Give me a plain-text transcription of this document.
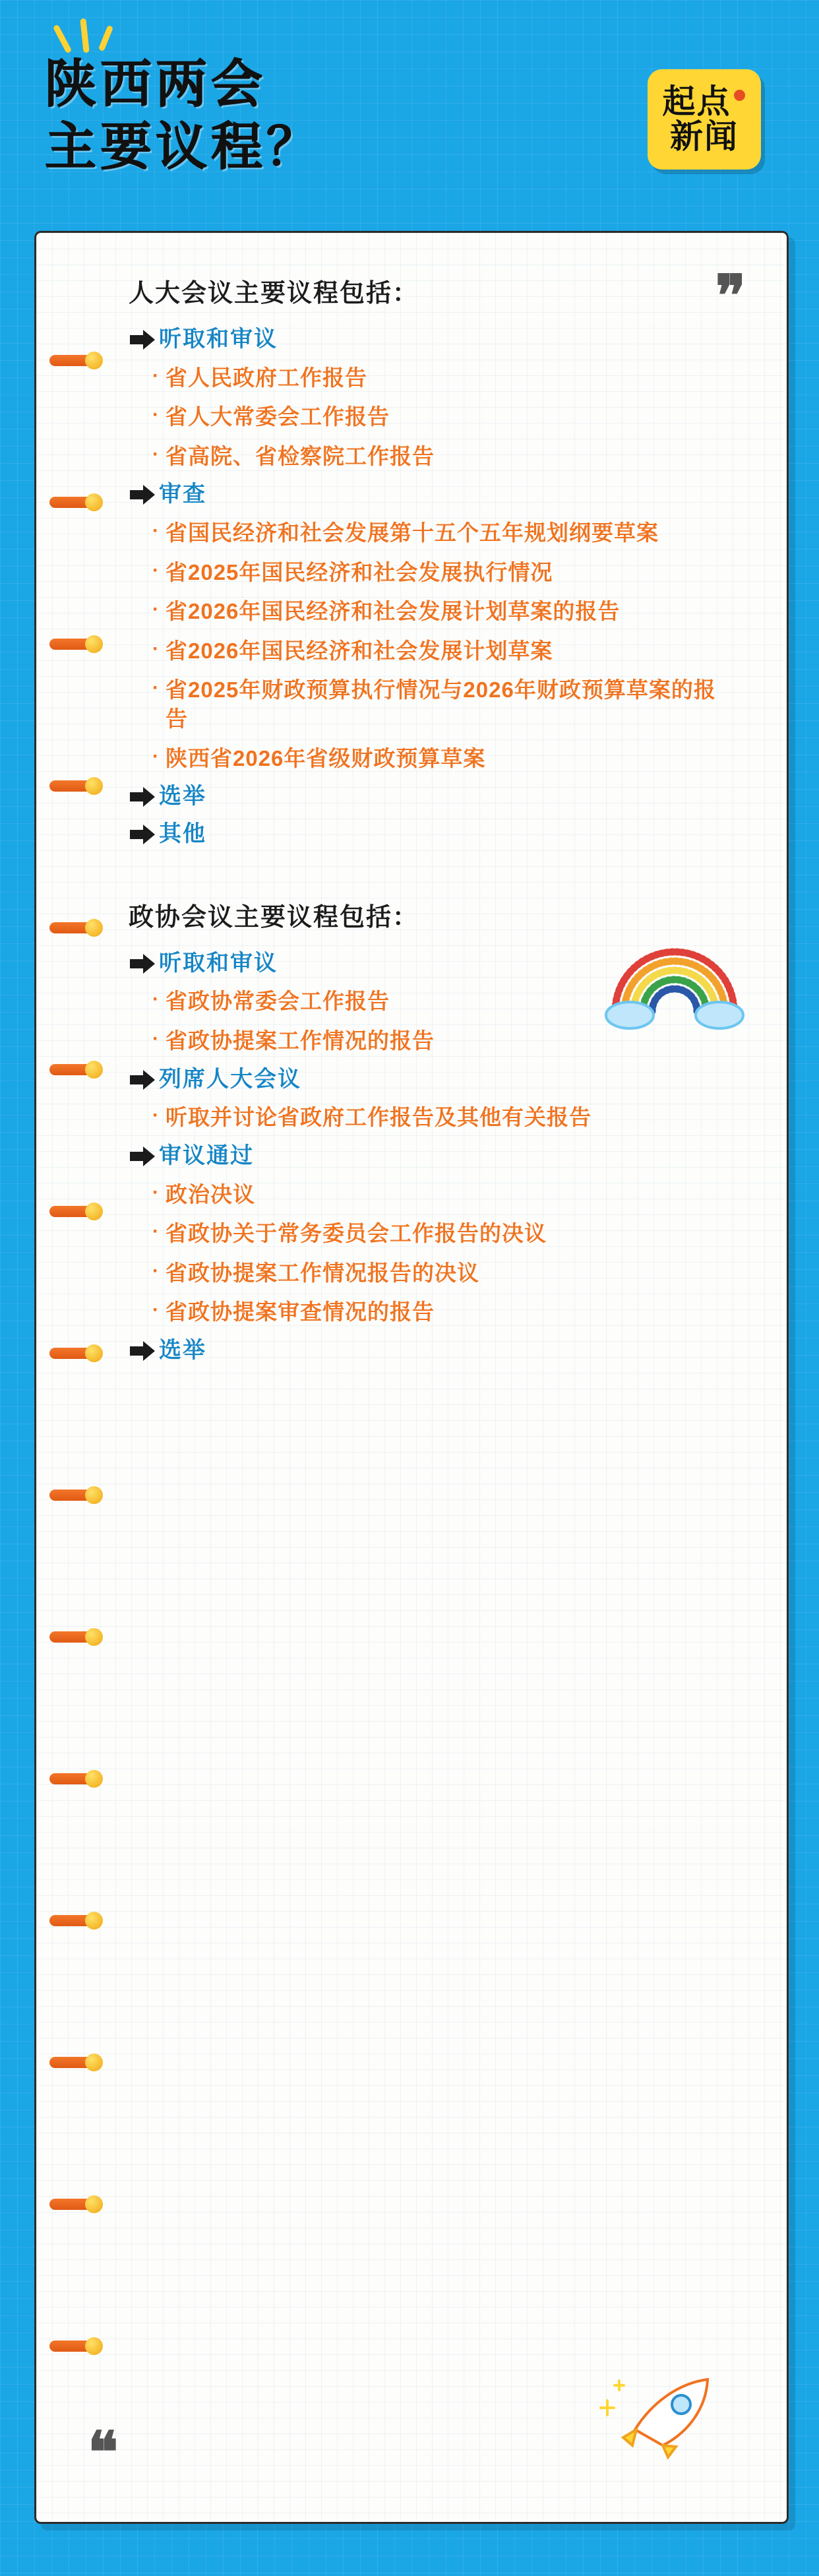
陕西两会
主要议程？
起点
新闻
❞
❝
人大会议主要议程包括：
听取和审议
· 省人民政府工作报告
· 省人大常委会工作报告
· 省高院、省检察院工作报告
审查
· 省国民经济和社会发展第十五个五年规划纲要草案
· 省2025年国民经济和社会发展执行情况
· 省2026年国民经济和社会发展计划草案的报告
· 省2026年国民经济和社会发展计划草案
· 省2025年财政预算执行情况与2026年财政预算草案的报告
· 陕西省2026年省级财政预算草案
选举
其他
政协会议主要议程包括：
听取和审议
· 省政协常委会工作报告
· 省政协提案工作情况的报告
列席人大会议
· 听取并讨论省政府工作报告及其他有关报告
审议通过
· 政治决议
· 省政协关于常务委员会工作报告的决议
· 省政协提案工作情况报告的决议
· 省政协提案审查情况的报告
选举
